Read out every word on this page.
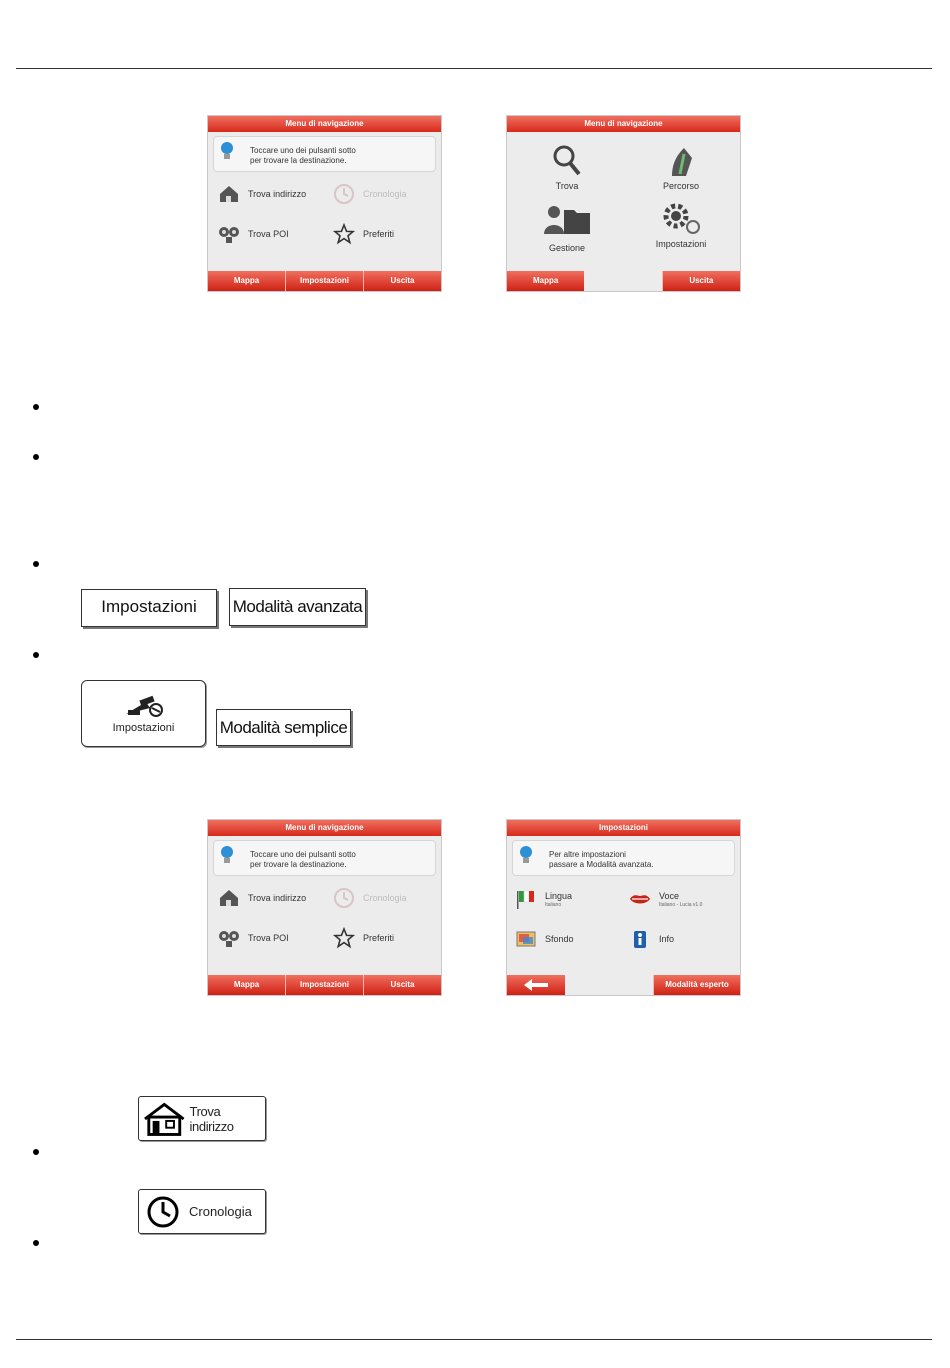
Menu di navigazione
Toccare uno dei pulsanti sotto
per trovare la destinazione.
Trova indirizzo	Cronologia
Trova POI	Preferiti
Mappa	Impostazioni	Uscita
Menu di navigazione
Trova	Percorso
Gestione	Impostazioni
Mappa	Uscita
Impostazioni	Modalità avanzata
Impostazioni	Modalità semplice
Menu di navigazione
Toccare uno dei pulsanti sotto
per trovare la destinazione.
Trova indirizzo	Cronologia
Trova POI	Preferiti
Mappa	Impostazioni	Uscita
Impostazioni
Per altre impostazioni
passare a Modalità avanzata.
Lingua
Italiano
Voce
Italiano - Lucia v1.0
Sfondo	Info
Modalità esperto
Trova indirizzo
Cronologia
